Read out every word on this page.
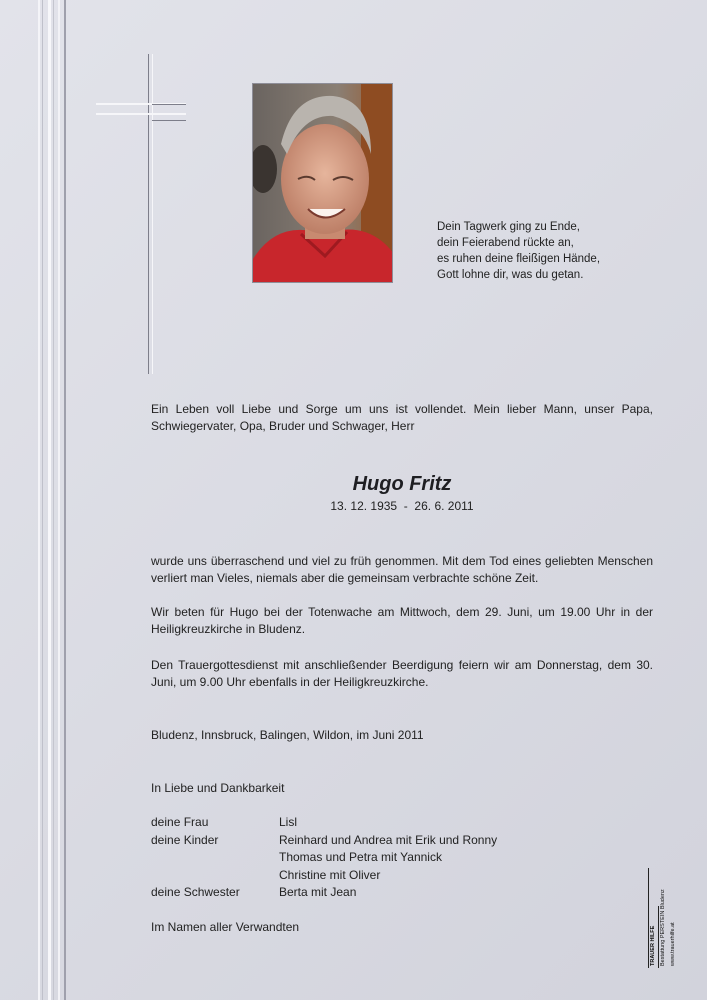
Dein Tagwerk ging zu Ende,
dein Feierabend rückte an,
es ruhen deine fleißigen Hände,
Gott lohne dir, was du getan.
Ein Leben voll Liebe und Sorge um uns ist vollendet. Mein lieber Mann, unser Papa, Schwiegervater, Opa, Bruder und Schwager, Herr
Hugo Fritz
13. 12. 1935  -  26. 6. 2011
wurde uns überraschend und viel zu früh genommen. Mit dem Tod eines geliebten Menschen verliert man Vieles, niemals aber die gemeinsam verbrachte schöne Zeit.
Wir beten für Hugo bei der Totenwache am Mittwoch, dem 29. Juni, um 19.00 Uhr in der Heiligkreuzkirche in Bludenz.
Den Trauergottesdienst mit anschließender Beerdigung feiern wir am Donnerstag, dem 30. Juni, um 9.00 Uhr ebenfalls in der Heiligkreuzkirche.
Bludenz, Innsbruck, Balingen, Wildon, im Juni 2011
In Liebe und Dankbarkeit
deine Frau	Lisl
deine Kinder	Reinhard und Andrea mit Erik und Ronny
Thomas und Petra mit Yannick
Christine mit Oliver
deine Schwester	Berta mit Jean
Im Namen aller Verwandten	TRAUER HILFE Bestattung PERSTEIN Bludenz www.trauerhilfe.at
